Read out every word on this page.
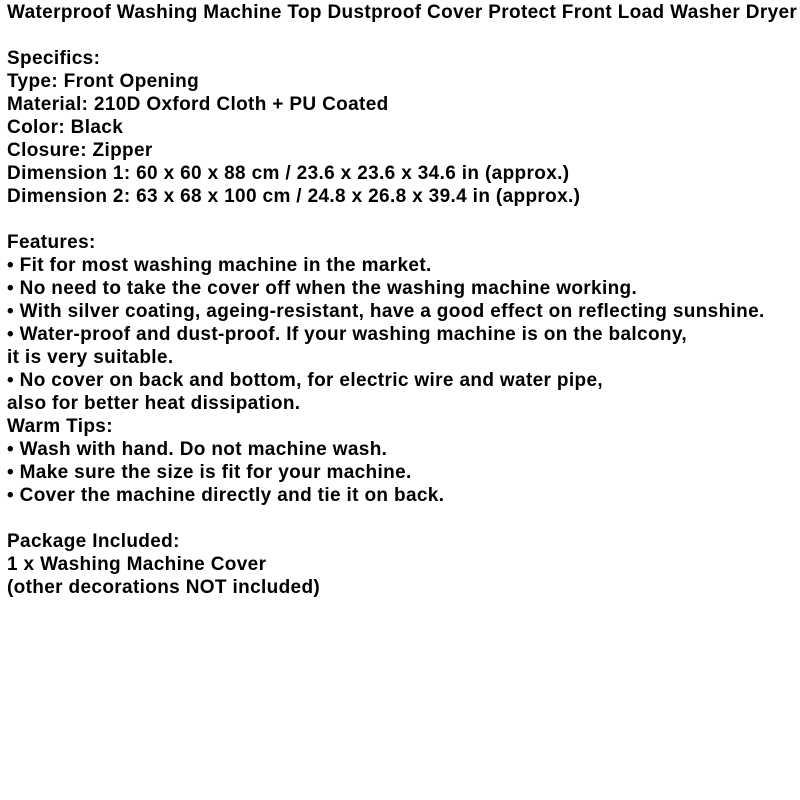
Waterproof Washing Machine Top Dustproof Cover Protect Front Load Washer Dryer
Specifics:
Type: Front Opening
Material: 210D Oxford Cloth + PU Coated
Color: Black
Closure: Zipper
Dimension 1: 60 x 60 x 88 cm / 23.6 x 23.6 x 34.6 in (approx.)
Dimension 2: 63 x 68 x 100 cm / 24.8 x 26.8 x 39.4 in (approx.)
Features:
• Fit for most washing machine in the market.
• No need to take the cover off when the washing machine working.
• With silver coating, ageing-resistant, have a good effect on reflecting sunshine.
• Water-proof and dust-proof. If your washing machine is on the balcony,
it is very suitable.
• No cover on back and bottom, for electric wire and water pipe,
also for better heat dissipation.
Warm Tips:
• Wash with hand. Do not machine wash.
• Make sure the size is fit for your machine.
• Cover the machine directly and tie it on back.
Package Included:
1 x Washing Machine Cover
(other decorations NOT included)
